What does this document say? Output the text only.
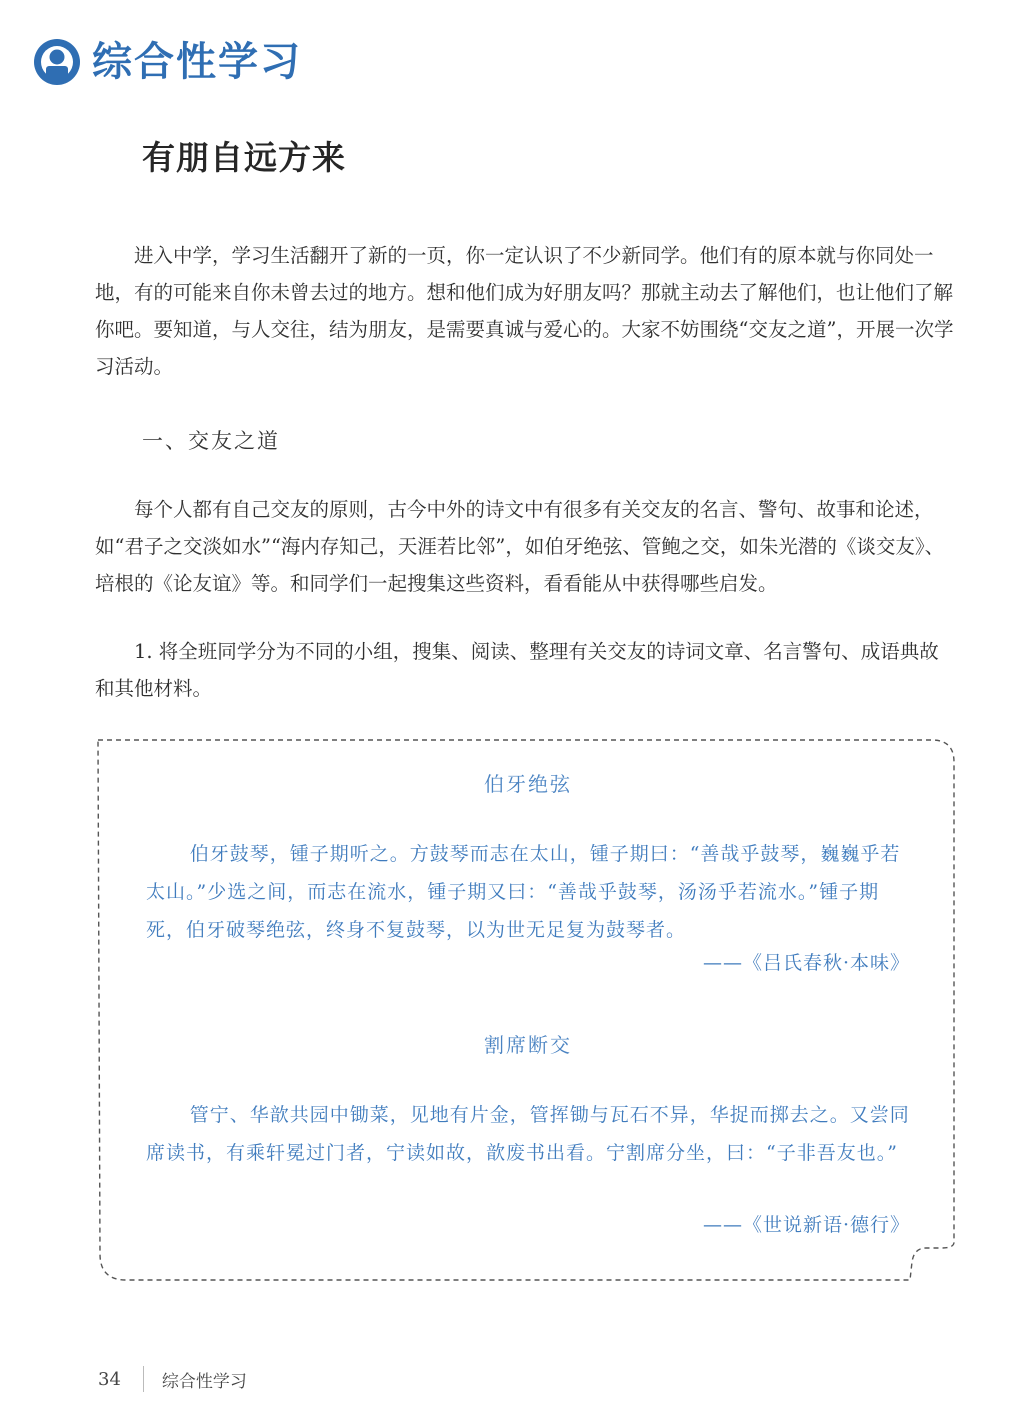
综合性学习
有朋自远方来

进入中学，学习生活翻开了新的一页，你一定认识了不少新同学。他们有的原本就与你同处一地，有的可能来自你未曾去过的地方。想和他们成为好朋友吗？那就主动去了解他们，也让他们了解你吧。要知道，与人交往，结为朋友，是需要真诚与爱心的。大家不妨围绕“交友之道”，开展一次学习活动。

一、交友之道

每个人都有自己交友的原则，古今中外的诗文中有很多有关交友的名言、警句、故事和论述，如“君子之交淡如水”“海内存知己，天涯若比邻”，如伯牙绝弦、管鲍之交，如朱光潜的《谈交友》、培根的《论友谊》等。和同学们一起搜集这些资料，看看能从中获得哪些启发。

1. 将全班同学分为不同的小组，搜集、阅读、整理有关交友的诗词文章、名言警句、成语典故和其他材料。

伯牙绝弦

伯牙鼓琴，锺子期听之。方鼓琴而志在太山，锺子期曰：“善哉乎鼓琴，巍巍乎若太山。”少选之间，而志在流水，锺子期又曰：“善哉乎鼓琴，汤汤乎若流水。”锺子期死，伯牙破琴绝弦，终身不复鼓琴，以为世无足复为鼓琴者。

——《吕氏春秋·本味》
割席断交

管宁、华歆共园中锄菜，见地有片金，管挥锄与瓦石不异，华捉而掷去之。又尝同席读书，有乘轩冕过门者，宁读如故，歆废书出看。宁割席分坐，曰：“子非吾友也。”

——《世说新语·德行》
34 综合性学习
